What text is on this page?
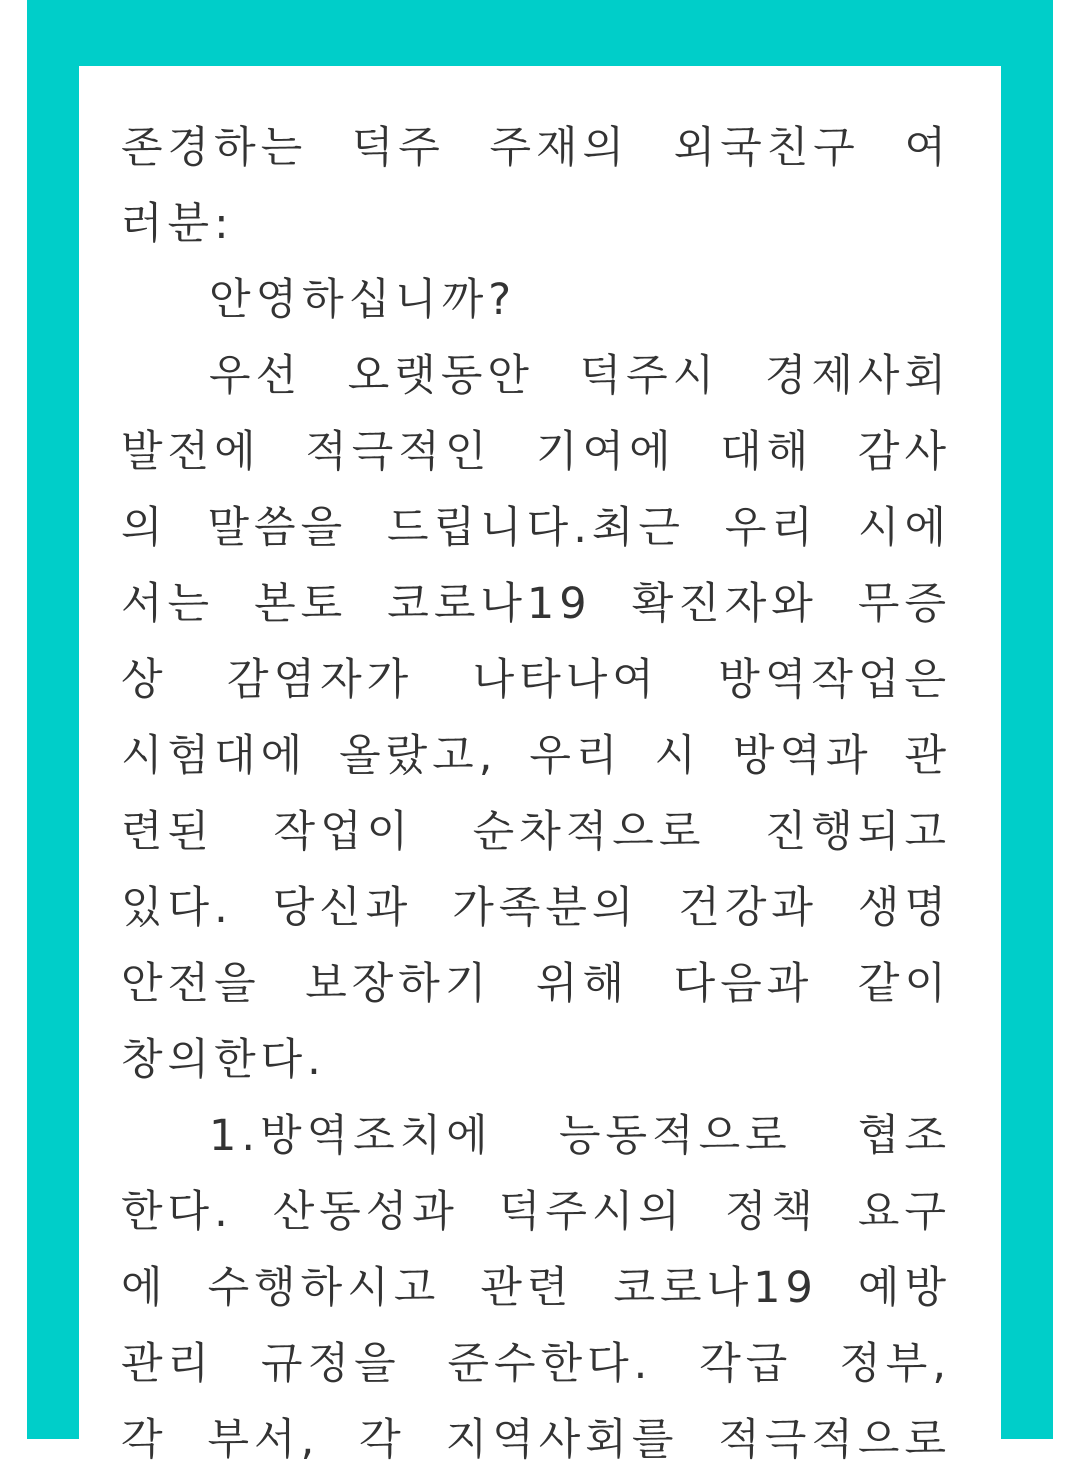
존경하는 덕주 주재의 외국친구 여
러분:
안영하십니까?
우선 오랫동안 덕주시 경제사회
발전에 적극적인 기여에 대해 감사
의 말씀을 드립니다.최근 우리 시에
서는 본토 코로나19 확진자와 무증
상 감염자가 나타나여 방역작업은
시험대에 올랐고, 우리 시 방역과 관
련된 작업이 순차적으로 진행되고
있다. 당신과 가족분의 건강과 생명
안전을 보장하기 위해 다음과 같이
창의한다.
1.방역조치에 능동적으로 협조
한다. 산동성과 덕주시의 정책 요구
에 수행하시고 관련 코로나19 예방
관리 규정을 준수한다. 각급 정부,
각 부서, 각 지역사회를 적극적으로
